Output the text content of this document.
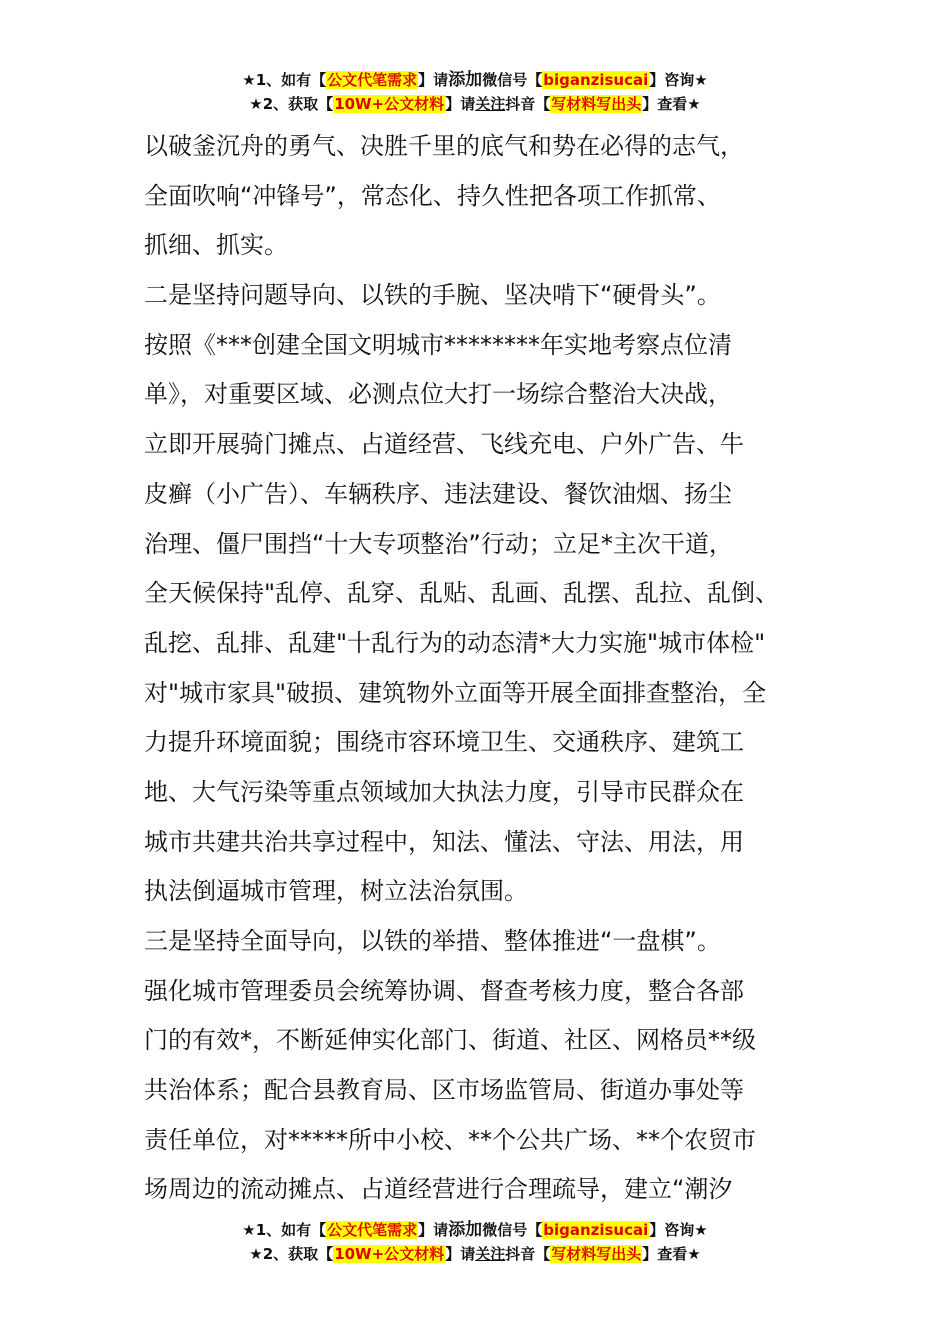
★1、如有【公文代笔需求】请添加微信号【biganzisucai】咨询★
★2、获取【10W+公文材料】请关注抖音【写材料写出头】查看★
以破釜沉舟的勇气、决胜千里的底气和势在必得的志气，
全面吹响“冲锋号”，常态化、持久性把各项工作抓常、
抓细、抓实。
二是坚持问题导向、以铁的手腕、坚决啃下“硬骨头”。
按照《***创建全国文明城市********年实地考察点位清
单》，对重要区域、必测点位大打一场综合整治大决战，
立即开展骑门摊点、占道经营、飞线充电、户外广告、牛
皮癣（小广告）、车辆秩序、违法建设、餐饮油烟、扬尘
治理、僵尸围挡“十大专项整治”行动；立足*主次干道，
全天候保持"乱停、乱穿、乱贴、乱画、乱摆、乱拉、乱倒、
乱挖、乱排、乱建"十乱行为的动态清*大力实施"城市体检"
对"城市家具"破损、建筑物外立面等开展全面排查整治，全
力提升环境面貌；围绕市容环境卫生、交通秩序、建筑工
地、大气污染等重点领域加大执法力度，引导市民群众在
城市共建共治共享过程中，知法、懂法、守法、用法，用
执法倒逼城市管理，树立法治氛围。
三是坚持全面导向，以铁的举措、整体推进“一盘棋”。
强化城市管理委员会统筹协调、督查考核力度，整合各部
门的有效*，不断延伸实化部门、街道、社区、网格员**级
共治体系；配合县教育局、区市场监管局、街道办事处等
责任单位，对*****所中小校、**个公共广场、**个农贸市
场周边的流动摊点、占道经营进行合理疏导，建立“潮汐
★1、如有【公文代笔需求】请添加微信号【biganzisucai】咨询★
★2、获取【10W+公文材料】请关注抖音【写材料写出头】查看★
